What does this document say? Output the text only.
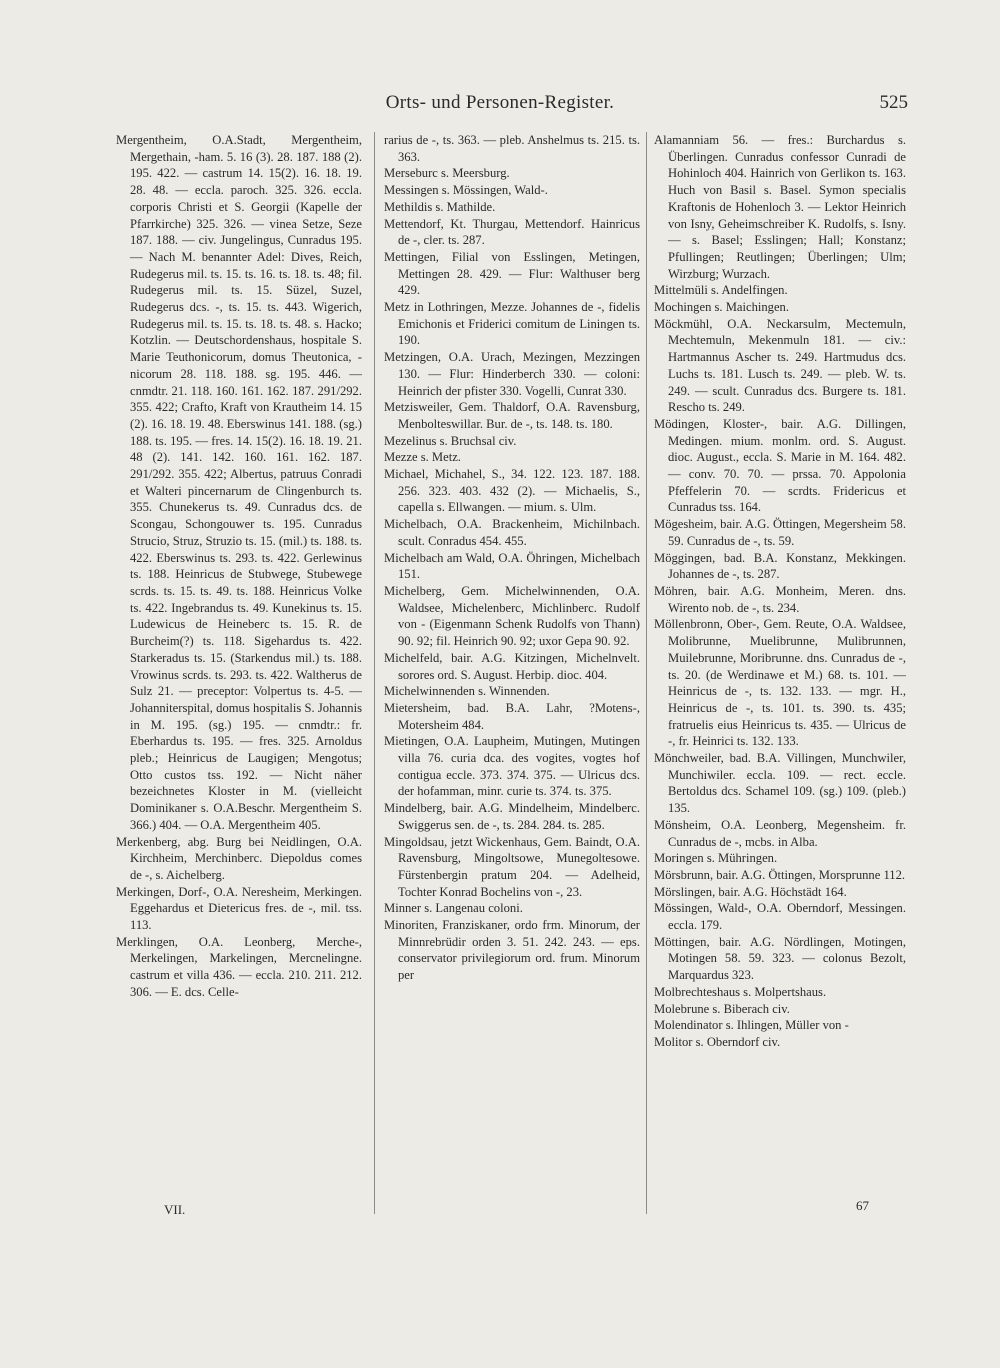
Orts- und Personen-Register.	525

Mergentheim, O.A.Stadt, Mergentheim, Mergethain, -ham. 5. 16 (3). 28. 187. 188 (2). 195. 422. — castrum 14. 15(2). 16. 18. 19. 28. 48. — eccla. paroch. 325. 326. eccla. corporis Christi et S. Georgii (Kapelle der Pfarrkirche) 325. 326. — vinea Setze, Seze 187. 188. — civ. Jungelingus, Cunradus 195. — Nach M. benannter Adel: Dives, Reich, Rudegerus mil. ts. 15. ts. 16. ts. 18. ts. 48; fil. Rudegerus mil. ts. 15. Süzel, Suzel, Rudegerus dcs. -, ts. 15. ts. 443. Wigerich, Rudegerus mil. ts. 15. ts. 18. ts. 48. s. Hacko; Kotzlin. — Deutschordenshaus, hospitale S. Marie Teuthonicorum, domus Theutonica, -nicorum 28. 118. 188. sg. 195. 446. — cnmdtr. 21. 118. 160. 161. 162. 187. 291/292. 355. 422; Crafto, Kraft von Krautheim 14. 15 (2). 16. 18. 19. 48. Eberswinus 141. 188. (sg.) 188. ts. 195. — fres. 14. 15(2). 16. 18. 19. 21. 48 (2). 141. 142. 160. 161. 162. 187. 291/292. 355. 422; Albertus, patruus Conradi et Walteri pincernarum de Clingenburch ts. 355. Chunekerus ts. 49. Cunradus dcs. de Scongau, Schongouwer ts. 195. Cunradus Strucio, Struz, Struzio ts. 15. (mil.) ts. 188. ts. 422. Eberswinus ts. 293. ts. 422. Gerlewinus ts. 188. Heinricus de Stubwege, Stubewege scrds. ts. 15. ts. 49. ts. 188. Heinricus Volke ts. 422. Ingebrandus ts. 49. Kunekinus ts. 15. Ludewicus de Heineberc ts. 15. R. de Burcheim(?) ts. 118. Sigehardus ts. 422. Starkeradus ts. 15. (Starkendus mil.) ts. 188. Vrowinus scrds. ts. 293. ts. 422. Waltherus de Sulz 21. — preceptor: Volpertus ts. 4-5. — Johanniterspital, domus hospitalis S. Johannis in M. 195. (sg.) 195. — cnmdtr.: fr. Eberhardus ts. 195. — fres. 325. Arnoldus pleb.; Heinricus de Laugigen; Mengotus; Otto custos tss. 192. — Nicht näher bezeichnetes Kloster in M. (vielleicht Dominikaner s. O.A.Beschr. Mergentheim S. 366.) 404. — O.A. Mergentheim 405.

Merkenberg, abg. Burg bei Neidlingen, O.A. Kirchheim, Merchinberc. Diepoldus comes de -, s. Aichelberg.

Merkingen, Dorf-, O.A. Neresheim, Merkingen. Eggehardus et Dietericus fres. de -, mil. tss. 113.

Merklingen, O.A. Leonberg, Merche-, Merkelingen, Markelingen, Mercnelingne. castrum et villa 436. — eccla. 210. 211. 212. 306. — E. dcs. Celle-

rarius de -, ts. 363. — pleb. Anshelmus ts. 215. ts. 363.

Merseburc s. Meersburg.

Messingen s. Mössingen, Wald-.

Methildis s. Mathilde.

Mettendorf, Kt. Thurgau, Mettendorf. Hainricus de -, cler. ts. 287.

Mettingen, Filial von Esslingen, Metingen, Mettingen 28. 429. — Flur: Walthuser berg 429.

Metz in Lothringen, Mezze. Johannes de -, fidelis Emichonis et Friderici comitum de Liningen ts. 190.

Metzingen, O.A. Urach, Mezingen, Mezzingen 130. — Flur: Hinderberch 330. — coloni: Heinrich der pfister 330. Vogelli, Cunrat 330.

Metzisweiler, Gem. Thaldorf, O.A. Ravensburg, Menbolteswillar. Bur. de -, ts. 148. ts. 180.

Mezelinus s. Bruchsal civ.

Mezze s. Metz.

Michael, Michahel, S., 34. 122. 123. 187. 188. 256. 323. 403. 432 (2). — Michaelis, S., capella s. Ellwangen. — mium. s. Ulm.

Michelbach, O.A. Brackenheim, Michilnbach. scult. Conradus 454. 455.

Michelbach am Wald, O.A. Öhringen, Michelbach 151.

Michelberg, Gem. Michelwinnenden, O.A. Waldsee, Michelenberc, Michlinberc. Rudolf von - (Eigenmann Schenk Rudolfs von Thann) 90. 92; fil. Heinrich 90. 92; uxor Gepa 90. 92.

Michelfeld, bair. A.G. Kitzingen, Michelnvelt. sorores ord. S. August. Herbip. dioc. 404.

Michelwinnenden s. Winnenden.

Mietersheim, bad. B.A. Lahr, ?Motens-, Motersheim 484.

Mietingen, O.A. Laupheim, Mutingen, Mutingen villa 76. curia dca. des vogites, vogtes hof contigua eccle. 373. 374. 375. — Ulricus dcs. der hofamman, minr. curie ts. 374. ts. 375.

Mindelberg, bair. A.G. Mindelheim, Mindelberc. Swiggerus sen. de -, ts. 284. 284. ts. 285.

Mingoldsau, jetzt Wickenhaus, Gem. Baindt, O.A. Ravensburg, Mingoltsowe, Munegoltesowe. Fürstenbergin pratum 204. — Adelheid, Tochter Konrad Bochelins von -, 23.

Minner s. Langenau coloni.

Minoriten, Franziskaner, ordo frm. Minorum, der Minnrebrüdir orden 3. 51. 242. 243. — eps. conservator privilegiorum ord. frum. Minorum per

Alamanniam 56. — fres.: Burchardus s. Überlingen. Cunradus confessor Cunradi de Hohinloch 404. Hainrich von Gerlikon ts. 163. Huch von Basil s. Basel. Symon specialis Kraftonis de Hohenloch 3. — Lektor Heinrich von Isny, Geheimschreiber K. Rudolfs, s. Isny. — s. Basel; Esslingen; Hall; Konstanz; Pfullingen; Reutlingen; Überlingen; Ulm; Wirzburg; Wurzach.

Mittelmüli s. Andelfingen.

Mochingen s. Maichingen.

Möckmühl, O.A. Neckarsulm, Mectemuln, Mechtemuln, Mekenmuln 181. — civ.: Hartmannus Ascher ts. 249. Hartmudus dcs. Luchs ts. 181. Lusch ts. 249. — pleb. W. ts. 249. — scult. Cunradus dcs. Burgere ts. 181. Rescho ts. 249.

Mödingen, Kloster-, bair. A.G. Dillingen, Medingen. mium. monlm. ord. S. August. dioc. August., eccla. S. Marie in M. 164. 482. — conv. 70. 70. — prssa. 70. Appolonia Pfeffelerin 70. — scrdts. Fridericus et Cunradus tss. 164.

Mögesheim, bair. A.G. Öttingen, Megersheim 58. 59. Cunradus de -, ts. 59.

Möggingen, bad. B.A. Konstanz, Mekkingen. Johannes de -, ts. 287.

Möhren, bair. A.G. Monheim, Meren. dns. Wirento nob. de -, ts. 234.

Möllenbronn, Ober-, Gem. Reute, O.A. Waldsee, Molibrunne, Muelibrunne, Mulibrunnen, Muilebrunne, Moribrunne. dns. Cunradus de -, ts. 20. (de Werdinawe et M.) 68. ts. 101. — Heinricus de -, ts. 132. 133. — mgr. H., Heinricus de -, ts. 101. ts. 390. ts. 435; fratruelis eius Heinricus ts. 435. — Ulricus de -, fr. Heinrici ts. 132. 133.

Mönchweiler, bad. B.A. Villingen, Munchwiler, Munchiwiler. eccla. 109. — rect. eccle. Bertoldus dcs. Schamel 109. (sg.) 109. (pleb.) 135.

Mönsheim, O.A. Leonberg, Megensheim. fr. Cunradus de -, mcbs. in Alba.

Moringen s. Mühringen.

Mörsbrunn, bair. A.G. Öttingen, Morsprunne 112.

Mörslingen, bair. A.G. Höchstädt 164.

Mössingen, Wald-, O.A. Oberndorf, Messingen. eccla. 179.

Möttingen, bair. A.G. Nördlingen, Motingen, Motingen 58. 59. 323. — colonus Bezolt, Marquardus 323.

Molbrechteshaus s. Molpertshaus.

Molebrune s. Biberach civ.

Molendinator s. Ihlingen, Müller von -

Molitor s. Oberndorf civ.

VII.	67
